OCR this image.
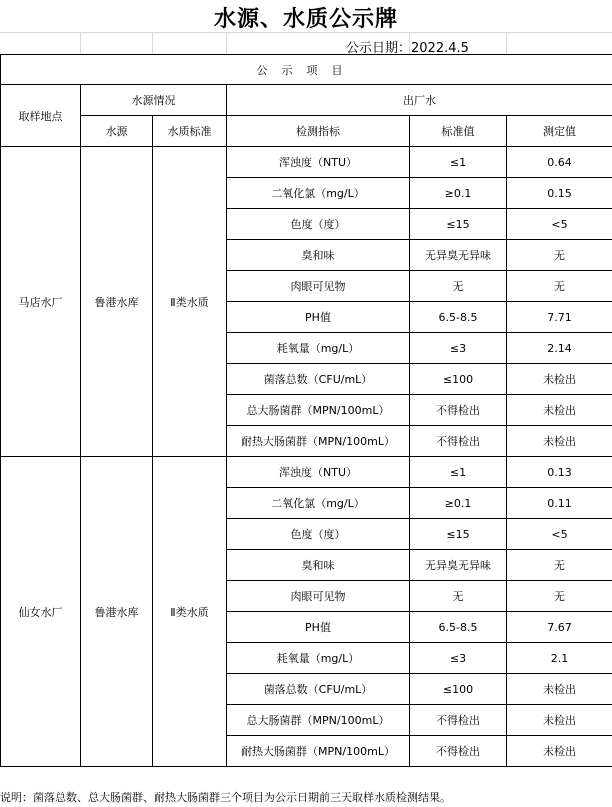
水源、水质公示牌
公示日期：2022.4.5
公示项目					
取样地点	水源情况		出厂水		
	水源	水质标准	检测指标	标准值	测定值
马店水厂	鲁港水库	Ⅱ类水质	浑浊度（NTU）	≤1	0.64
			二氧化氯（mg/L）	≥0.1	0.15
			色度（度）	≤15	<5
			臭和味	无异臭无异味	无
			肉眼可见物	无	无
			PH值	6.5-8.5	7.71
			耗氧量（mg/L）	≤3	2.14
			菌落总数（CFU/mL）	≤100	未检出
			总大肠菌群（MPN/100mL）	不得检出	未检出
			耐热大肠菌群（MPN/100mL）	不得检出	未检出
仙女水厂	鲁港水库	Ⅱ类水质	浑浊度（NTU）	≤1	0.13
			二氧化氯（mg/L）	≥0.1	0.11
			色度（度）	≤15	<5
			臭和味	无异臭无异味	无
			肉眼可见物	无	无
			PH值	6.5-8.5	7.67
			耗氧量（mg/L）	≤3	2.1
			菌落总数（CFU/mL）	≤100	未检出
			总大肠菌群（MPN/100mL）	不得检出	未检出
			耐热大肠菌群（MPN/100mL）	不得检出	未检出
说明：菌落总数、总大肠菌群、耐热大肠菌群三个项目为公示日期前三天取样水质检测结果。
